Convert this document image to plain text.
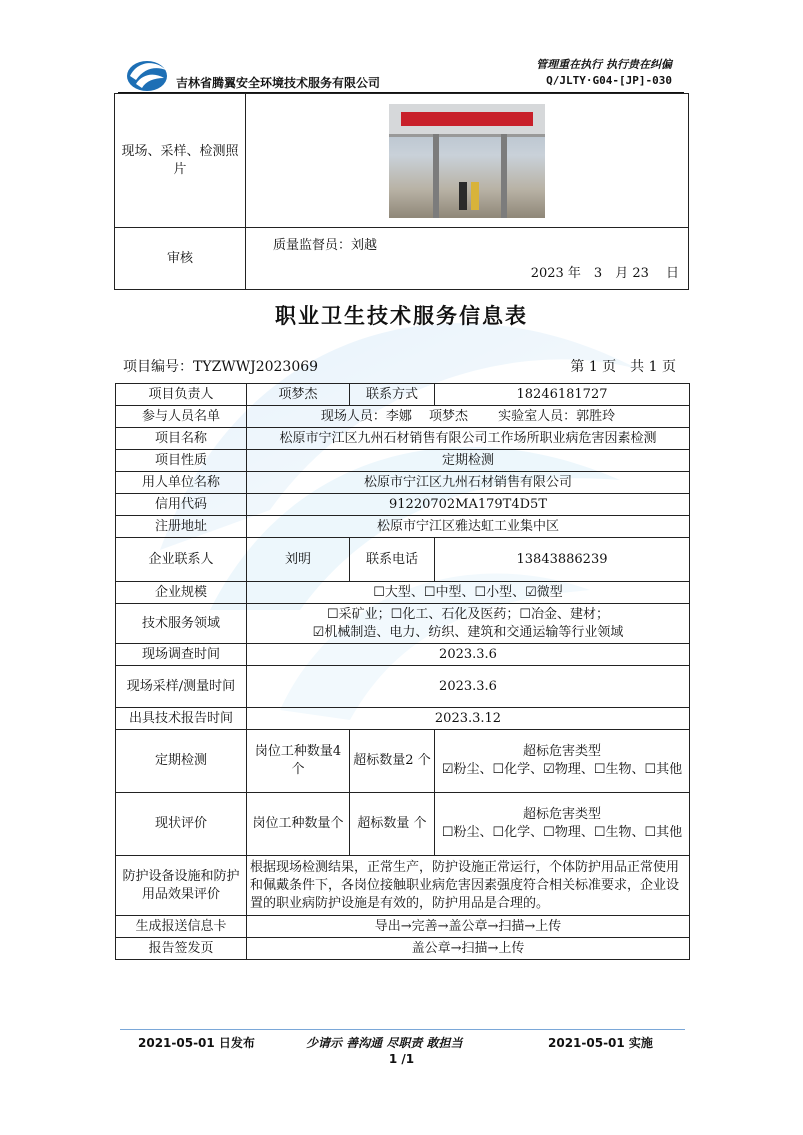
吉林省腾翼安全环境技术服务有限公司
管理重在执行 执行贵在纠偏
Q/JLTY·G04-[JP]-030
现场、采样、检测照片	

审核	质量监督员：刘越
2023 年　3　月 23　 日
职业卫生技术服务信息表
项目编号：TYZWWJ2023069	第 1 页　共 1 页
项目负责人	项梦杰	联系方式	18246181727
参与人员名单	现场人员：李娜　 项梦杰　　 实验室人员：郭胜玲		
项目名称	松原市宁江区九州石材销售有限公司工作场所职业病危害因素检测		
项目性质	定期检测		
用人单位名称	松原市宁江区九州石材销售有限公司		
信用代码	91220702MA179T4D5T		
注册地址	松原市宁江区雅达虹工业集中区		
企业联系人	刘明	联系电话	13843886239
企业规模	☐大型、☐中型、☐小型、☑微型		
技术服务领域	☐采矿业；☐化工、石化及医药；☐冶金、建材；
☑机械制造、电力、纺织、建筑和交通运输等行业领域		

现场调查时间	2023.3.6		
现场采样/测量时间	2023.3.6		
出具技术报告时间	2023.3.12		
定期检测	岗位工种数量4 个	超标数量2 个	超标危害类型
☑粉尘、☐化学、☑物理、☐生物、☐其他

现状评价	岗位工种数量个	超标数量 个	超标危害类型
☐粉尘、☐化学、☐物理、☐生物、☐其他

防护设备设施和防护用品效果评价	根据现场检测结果，正常生产，防护设施正常运行，个体防护用品正常使用和佩戴条件下，各岗位接触职业病危害因素强度符合相关标准要求，企业设置的职业病防护设施是有效的，防护用品是合理的。		
生成报送信息卡	导出→完善→盖公章→扫描→上传		
报告签发页	盖公章→扫描→上传		
2021-05-01 日发布	少请示 善沟通 尽职责 敢担当	2021-05-01 实施
1 /1
